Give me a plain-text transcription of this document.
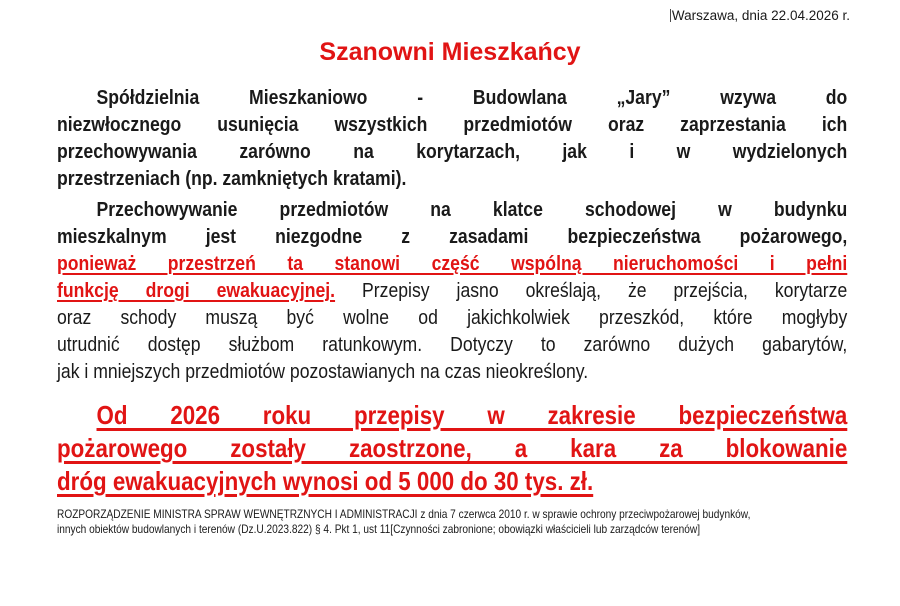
Warszawa, dnia 22.04.2026 r.
Szanowni Mieszkańcy
Spółdzielnia Mieszkaniowo - Budowlana „Jary” wzywa do
niezwłocznego usunięcia wszystkich przedmiotów oraz zaprzestania ich
przechowywania zarówno na korytarzach, jak i w wydzielonych
przestrzeniach (np. zamkniętych kratami).
Przechowywanie przedmiotów na klatce schodowej w budynku
mieszkalnym jest niezgodne z zasadami bezpieczeństwa pożarowego,
ponieważ przestrzeń ta stanowi część wspólną nieruchomości i pełni
funkcję drogi ewakuacyjnej. Przepisy jasno określają, że przejścia, korytarze
oraz schody muszą być wolne od jakichkolwiek przeszkód, które mogłyby
utrudnić dostęp służbom ratunkowym. Dotyczy to zarówno dużych gabarytów,
jak i mniejszych przedmiotów pozostawianych na czas nieokreślony.
Od 2026 roku przepisy w zakresie bezpieczeństwa
pożarowego zostały zaostrzone, a kara za blokowanie
dróg ewakuacyjnych wynosi od 5 000 do 30 tys. zł.
ROZPORZĄDZENIE MINISTRA SPRAW WEWNĘTRZNYCH I ADMINISTRACJI z dnia 7 czerwca 2010 r. w sprawie ochrony przeciwpożarowej budynków,
innych obiektów budowlanych i terenów (Dz.U.2023.822) § 4. Pkt 1, ust 11[Czynności zabronione; obowiązki właścicieli lub zarządców terenów]
